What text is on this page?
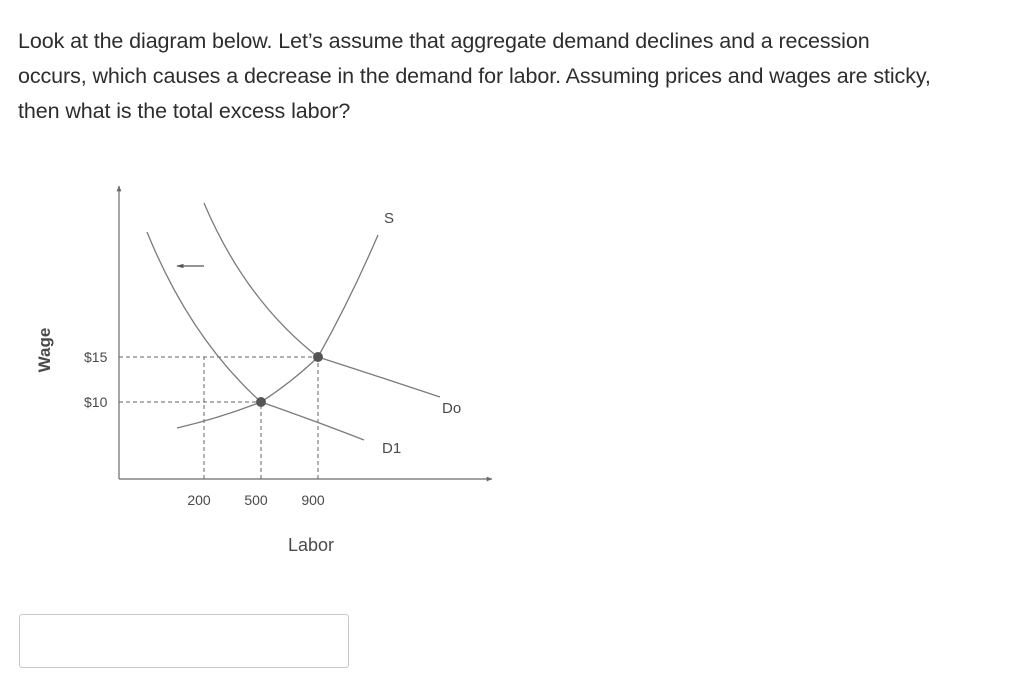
Look at the diagram below. Let’s assume that aggregate demand declines and a recession
occurs, which causes a decrease in the demand for labor. Assuming prices and wages are sticky,
then what is the total excess labor?

S
Do
D1
$15
$10
200 500 900
Labor
Wage
